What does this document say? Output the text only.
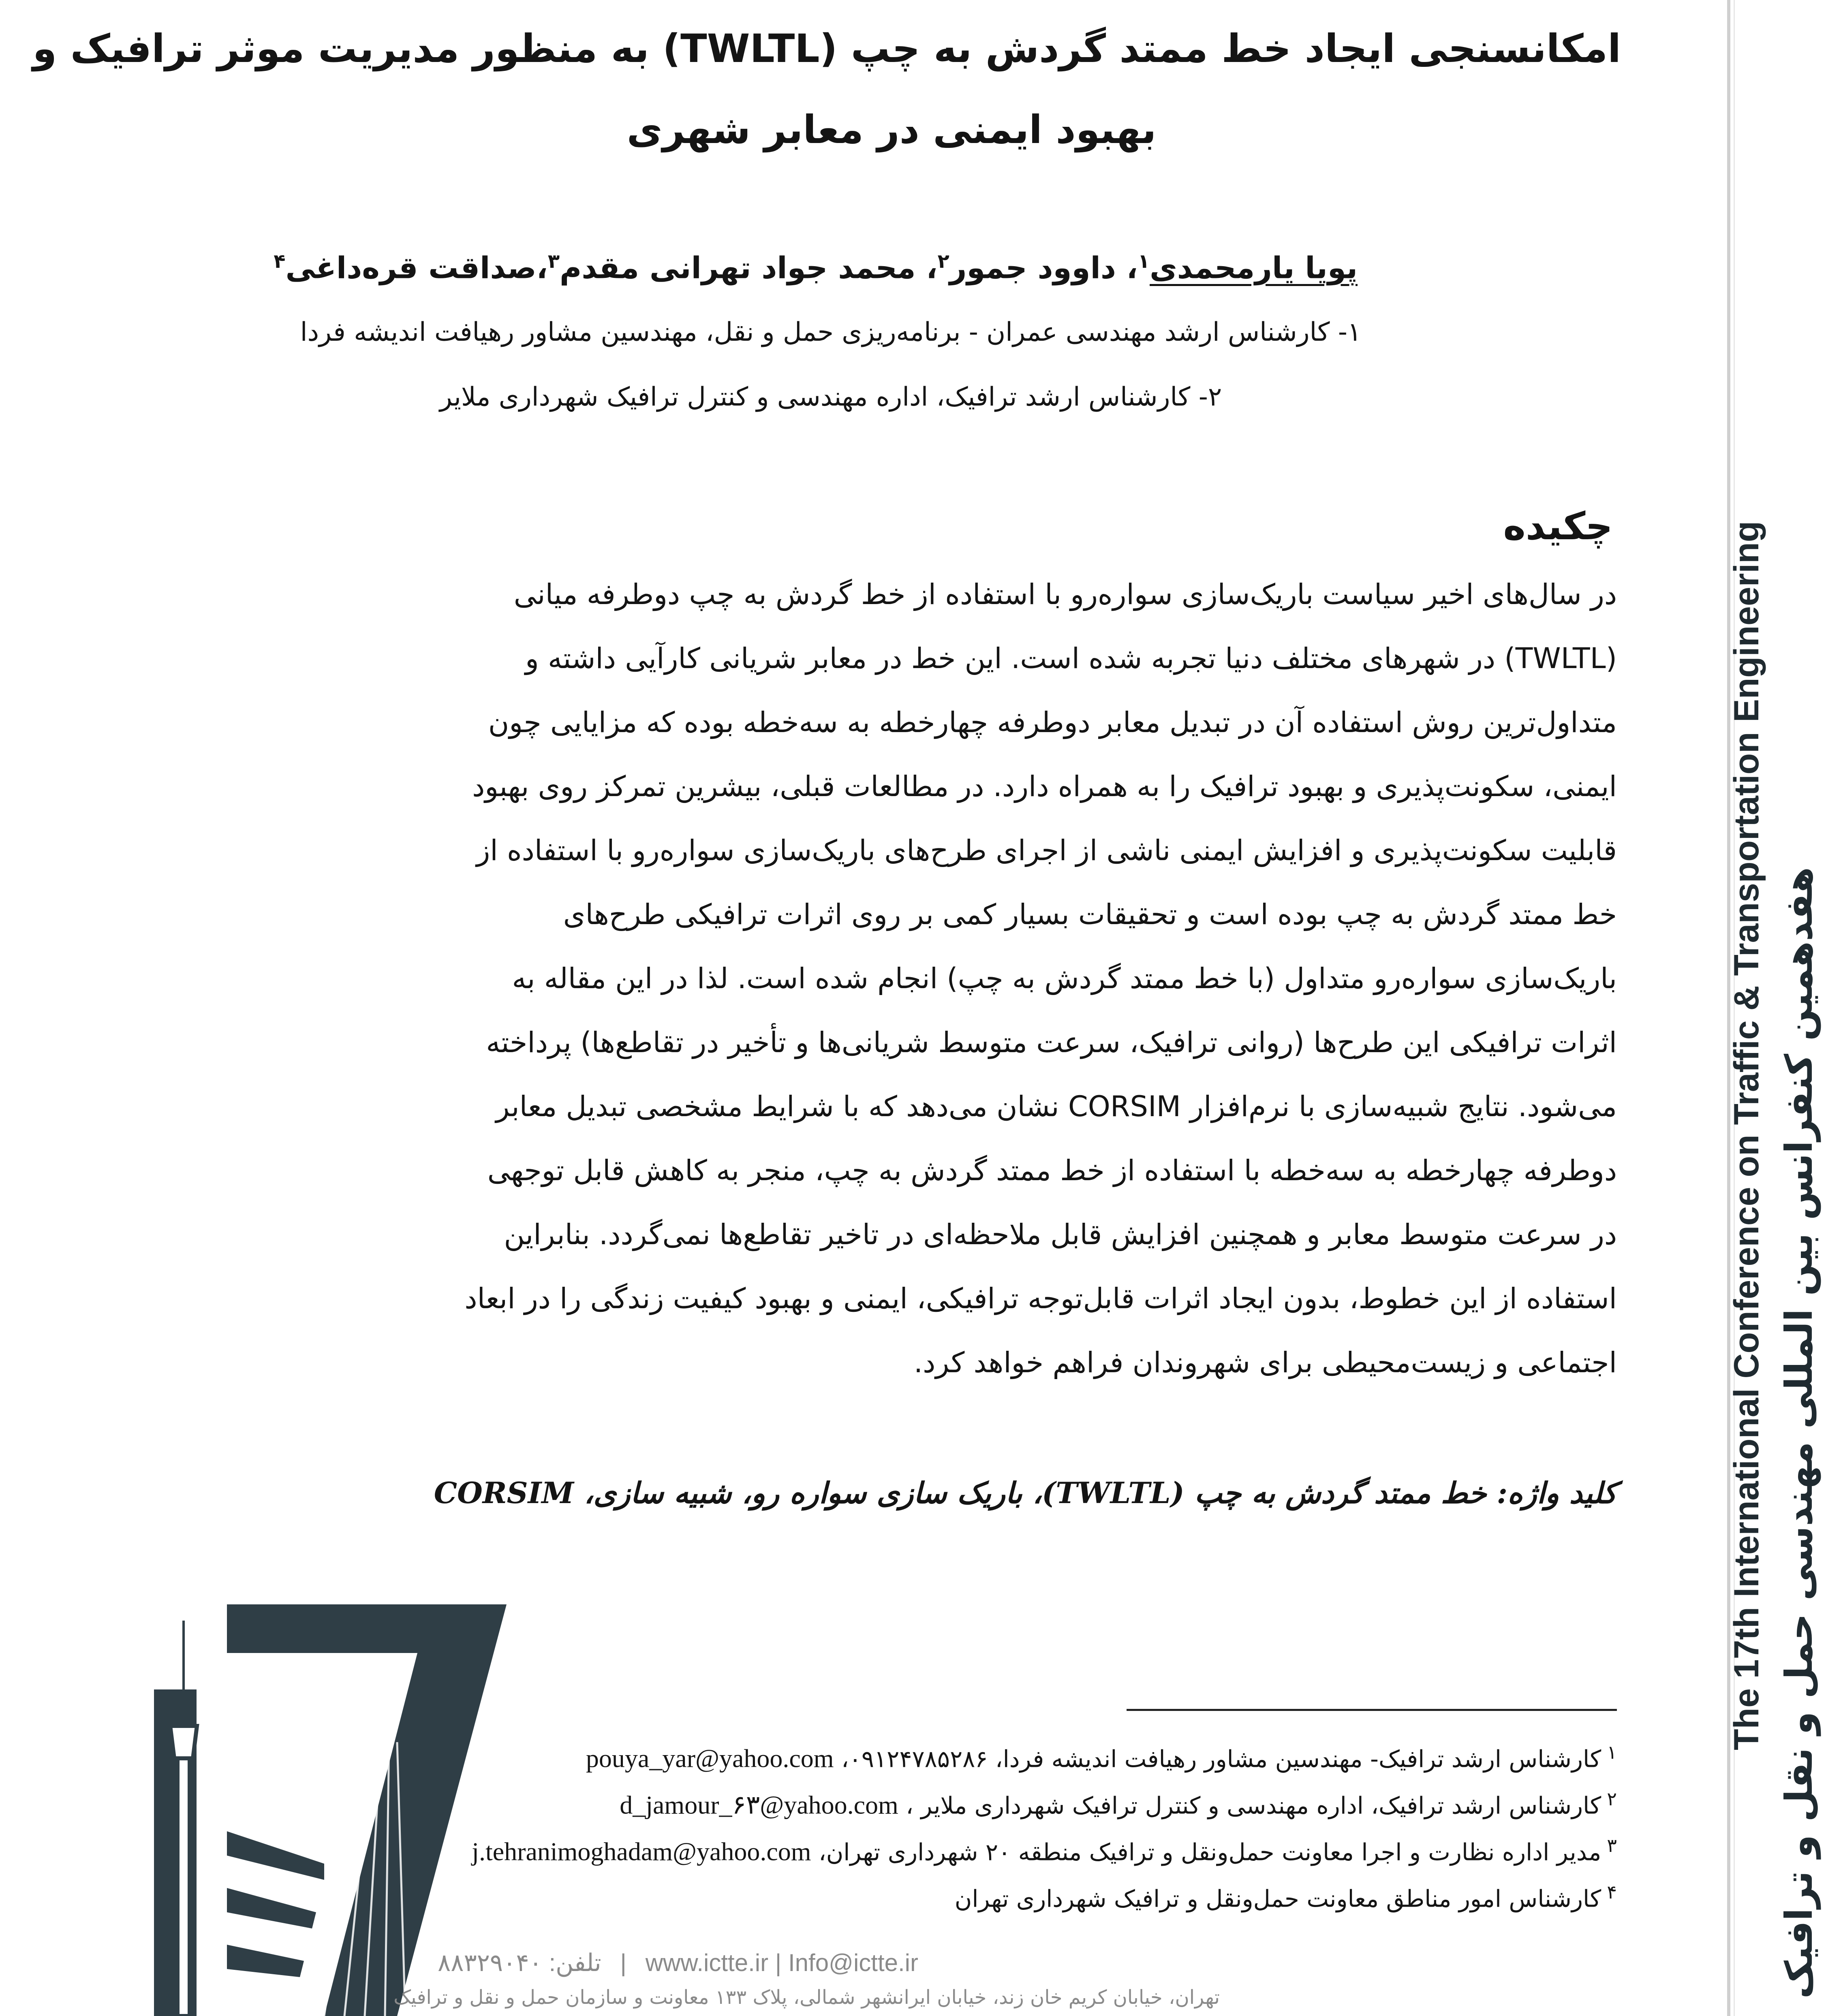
امکانسنجی ایجاد خط ممتد گردش به چپ (TWLTL) به منظور مدیریت موثر ترافیک و
بهبود ایمنی در معابر شهری
پویا یارمحمدی$^۱$، داوود جمور$^۲$، محمد جواد تهرانی مقدم$^۳$،صداقت قره‌داغی$^۴$
۱- کارشناس ارشد مهندسی عمران - برنامه‌ریزی حمل و نقل، مهندسین مشاور رهیافت اندیشه فردا
۲- کارشناس ارشد ترافیک، اداره مهندسی و کنترل ترافیک شهرداری ملایر
چکیده
در سال‌های اخیر سیاست باریک‌سازی سواره‌رو با استفاده از خط گردش به چپ دوطرفه میانی
(TWLTL) در شهرهای مختلف دنیا تجربه شده است. این خط در معابر شریانی کارآیی داشته و
متداول‌ترین روش استفاده آن در تبدیل معابر دوطرفه چهارخطه به سه‌خطه بوده که مزایایی چون
ایمنی، سکونت‌پذیری و بهبود ترافیک را به همراه دارد. در مطالعات قبلی، بیشرین تمرکز روی بهبود
قابلیت سکونت‌پذیری و افزایش ایمنی ناشی از اجرای طرح‌های باریک‌سازی سواره‌رو با استفاده از
خط ممتد گردش به چپ بوده است و تحقیقات بسیار کمی بر روی اثرات ترافیکی طرح‌های
باریک‌سازی سواره‌رو متداول (با خط ممتد گردش به چپ) انجام شده است. لذا در این مقاله به
اثرات ترافیکی این طرح‌ها (روانی ترافیک، سرعت متوسط شریانی‌ها و تأخیر در تقاطع‌ها) پرداخته
می‌شود. نتایج شبیه‌سازی با نرم‌افزار CORSIM نشان می‌دهد که با شرایط مشخصی تبدیل معابر
دوطرفه چهارخطه به سه‌خطه با استفاده از خط ممتد گردش به چپ، منجر به کاهش قابل توجهی
در سرعت متوسط معابر و همچنین افزایش قابل ملاحظه‌ای در تاخیر تقاطع‌ها نمی‌گردد. بنابراین
استفاده از این خطوط، بدون ایجاد اثرات قابل‌توجه ترافیکی، ایمنی و بهبود کیفیت زندگی را در ابعاد
اجتماعی و زیست‌محیطی برای شهروندان فراهم خواهد کرد.
کلید واژه: خط ممتد گردش به چپ (TWLTL)، باریک سازی سواره رو، شبیه سازی، CORSIM
$^۱$کارشناس ارشد ترافیک- مهندسین مشاور رهیافت اندیشه فردا، ۰۹۱۲۴۷۸۵۲۸۶، pouya_yar@yahoo.com
$^۲$کارشناس ارشد ترافیک، اداره مهندسی و کنترل ترافیک شهرداری ملایر ، d_jamour_۶۳@yahoo.com
$^۳$مدیر اداره نظارت و اجرا معاونت حمل‌ونقل و ترافیک منطقه ۲۰ شهرداری تهران، j.tehranimoghadam@yahoo.com
$^۴$کارشناس امور مناطق معاونت حمل‌ونقل و ترافیک شهرداری تهران
ICTTE
تلفن: ۸۸۳۲۹۰۴۰ | www.ictte.ir | Info@ictte.ir
تهران، خیابان کریم خان زند، خیابان ایرانشهر شمالی، پلاک ۱۳۳ معاونت و سازمان حمل و نقل و ترافیک
The 17th International Conference on Traffic & Transportation Engineering هفدهمین کنفرانس بین المللی مهندسی حمل و نقل و ترافیک
